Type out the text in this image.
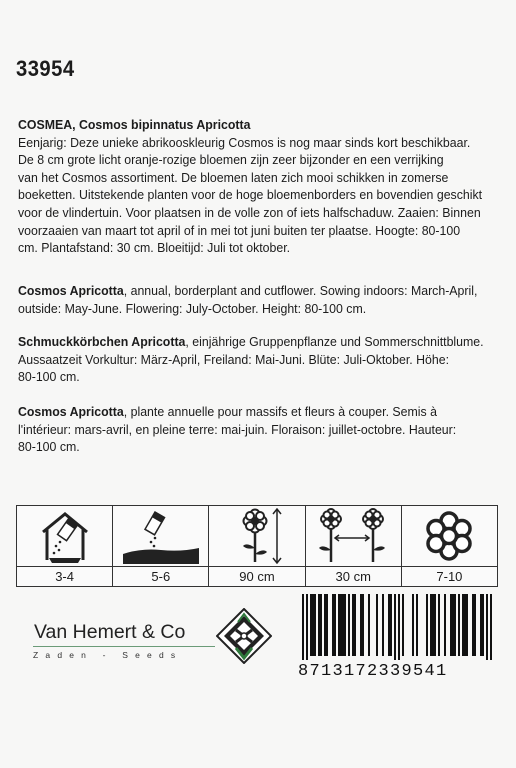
33954

COSMEA, Cosmos bipinnatus Apricotta

Eenjarig: Deze unieke abrikooskleurig Cosmos is nog maar sinds kort beschikbaar.

De 8 cm grote licht oranje-rozige bloemen zijn zeer bijzonder en een verrijking

van het Cosmos assortiment. De bloemen laten zich mooi schikken in zomerse

boeketten. Uitstekende planten voor de hoge bloemenborders en bovendien geschikt

voor de vlindertuin. Voor plaatsen in de volle zon of iets halfschaduw. Zaaien: Binnen

voorzaaien van maart tot april of in mei tot juni buiten ter plaatse. Hoogte: 80-100

cm. Plantafstand: 30 cm. Bloeitijd: Juli tot oktober.

Cosmos Apricotta, annual, borderplant and cutflower. Sowing indoors: March-April,

outside: May-June. Flowering: July-October. Height: 80-100 cm.

Schmuckkörbchen Apricotta, einjährige Gruppenpflanze und Sommerschnittblume.

Aussaatzeit Vorkultur: März-April, Freiland: Mai-Juni. Blüte: Juli-Oktober. Höhe:

80-100 cm.

Cosmos Apricotta, plante annuelle pour massifs et fleurs à couper. Semis à

l'intérieur: mars-avril, en pleine terre: mai-juin. Floraison: juillet-octobre. Hauteur:

80-100 cm.

3-4	5-6	90 cm	30 cm	7-10
Van Hemert & Co
Zaden - Seeds
8713172339541
